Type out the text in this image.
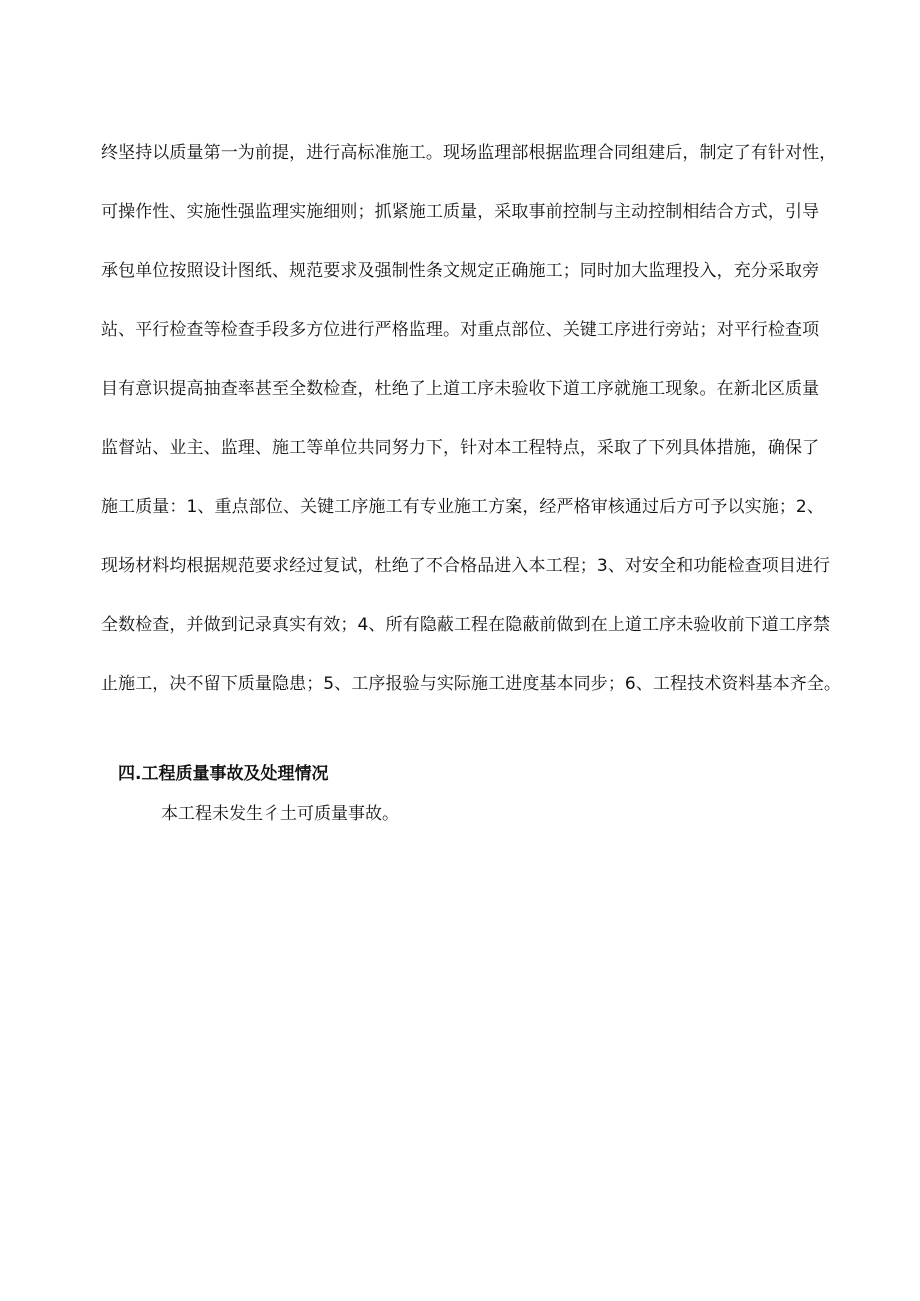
终坚持以质量第一为前提，进行高标准施工。现场监理部根据监理合同组建后，制定了有针对性，
可操作性、实施性强监理实施细则；抓紧施工质量，采取事前控制与主动控制相结合方式，引导
承包单位按照设计图纸、规范要求及强制性条文规定正确施工；同时加大监理投入，充分采取旁
站、平行检查等检查手段多方位进行严格监理。对重点部位、关键工序进行旁站；对平行检查项
目有意识提高抽查率甚至全数检查，杜绝了上道工序未验收下道工序就施工现象。在新北区质量
监督站、业主、监理、施工等单位共同努力下，针对本工程特点，采取了下列具体措施，确保了
施工质量：1、重点部位、关键工序施工有专业施工方案，经严格审核通过后方可予以实施；2、
现场材料均根据规范要求经过复试，杜绝了不合格品进入本工程；3、对安全和功能检查项目进行
全数检查，并做到记录真实有效；4、所有隐蔽工程在隐蔽前做到在上道工序未验收前下道工序禁
止施工，决不留下质量隐患；5、工序报验与实际施工进度基本同步；6、工程技术资料基本齐全。
四.工程质量事故及处理情况
本工程未发生彳土可质量事故。
